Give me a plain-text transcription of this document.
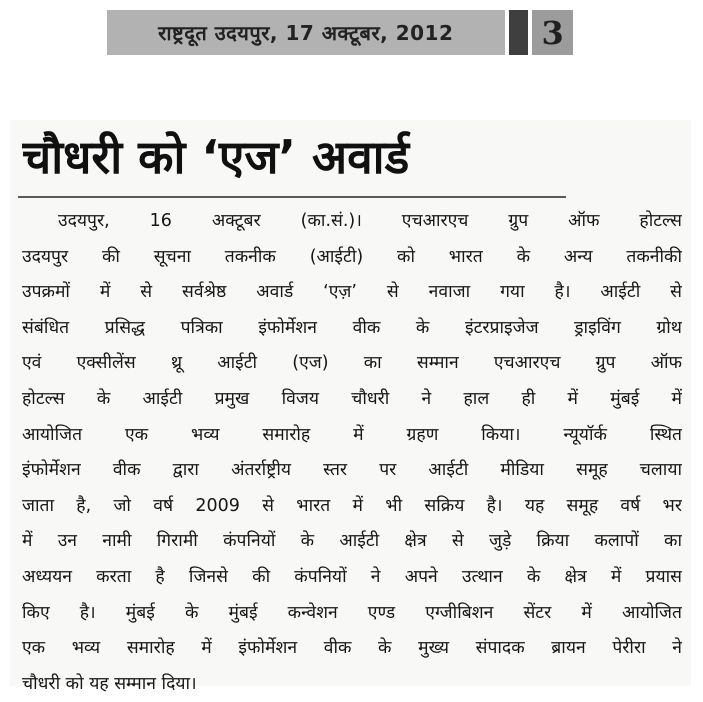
राष्ट्रदूत उदयपुर, 17 अक्टूबर, 2012	3
चौधरी को ‘एज’ अवार्ड
उदयपुर, 16 अक्टूबर (का.सं.)। एचआरएच ग्रुप ऑफ होटल्स
उदयपुर की सूचना तकनीक (आईटी) को भारत के अन्य तकनीकी
उपक्रमों में से सर्वश्रेष्ठ अवार्ड ‘एज़’ से नवाजा गया है। आईटी से
संबंधित प्रसिद्ध पत्रिका इंफोर्मेशन वीक के इंटरप्राइजेज ड्राइविंग ग्रोथ
एवं एक्सीलेंस थ्रू आईटी (एज) का सम्मान एचआरएच ग्रुप ऑफ
होटल्स के आईटी प्रमुख विजय चौधरी ने हाल ही में मुंबई में
आयोजित एक भव्य समारोह में ग्रहण किया। न्यूयॉर्क स्थित
इंफोर्मेशन वीक द्वारा अंतर्राष्ट्रीय स्तर पर आईटी मीडिया समूह चलाया
जाता है, जो वर्ष 2009 से भारत में भी सक्रिय है। यह समूह वर्ष भर
में उन नामी गिरामी कंपनियों के आईटी क्षेत्र से जुड़े क्रिया कलापों का
अध्ययन करता है जिनसे की कंपनियों ने अपने उत्थान के क्षेत्र में प्रयास
किए है। मुंबई के मुंबई कन्वेशन एण्ड एग्जीबिशन सेंटर में आयोजित
एक भव्य समारोह में इंफोर्मेशन वीक के मुख्य संपादक ब्रायन पेरीरा ने
चौधरी को यह सम्मान दिया।
